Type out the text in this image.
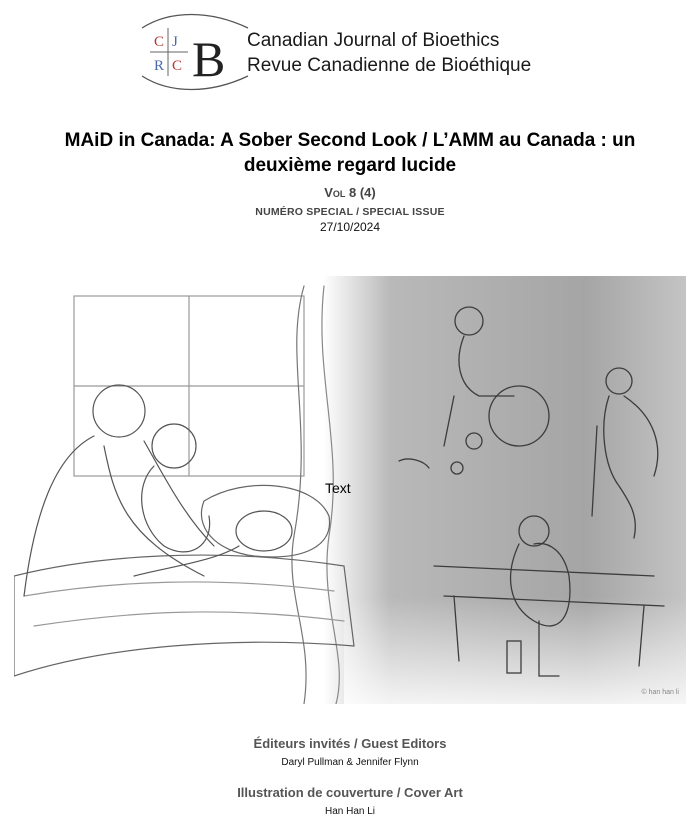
C J
R C B Canadian Journal of Bioethics
Revue Canadienne de Bioéthique
MAiD in Canada: A Sober Second Look / L’AMM au Canada : un
deuxième regard lucide
Vol 8 (4)
NUMÉRO SPECIAL / SPECIAL ISSUE
27/10/2024
© han han li
Text
Éditeurs invités / Guest Editors
Daryl Pullman & Jennifer Flynn
Illustration de couverture / Cover Art
Han Han Li
